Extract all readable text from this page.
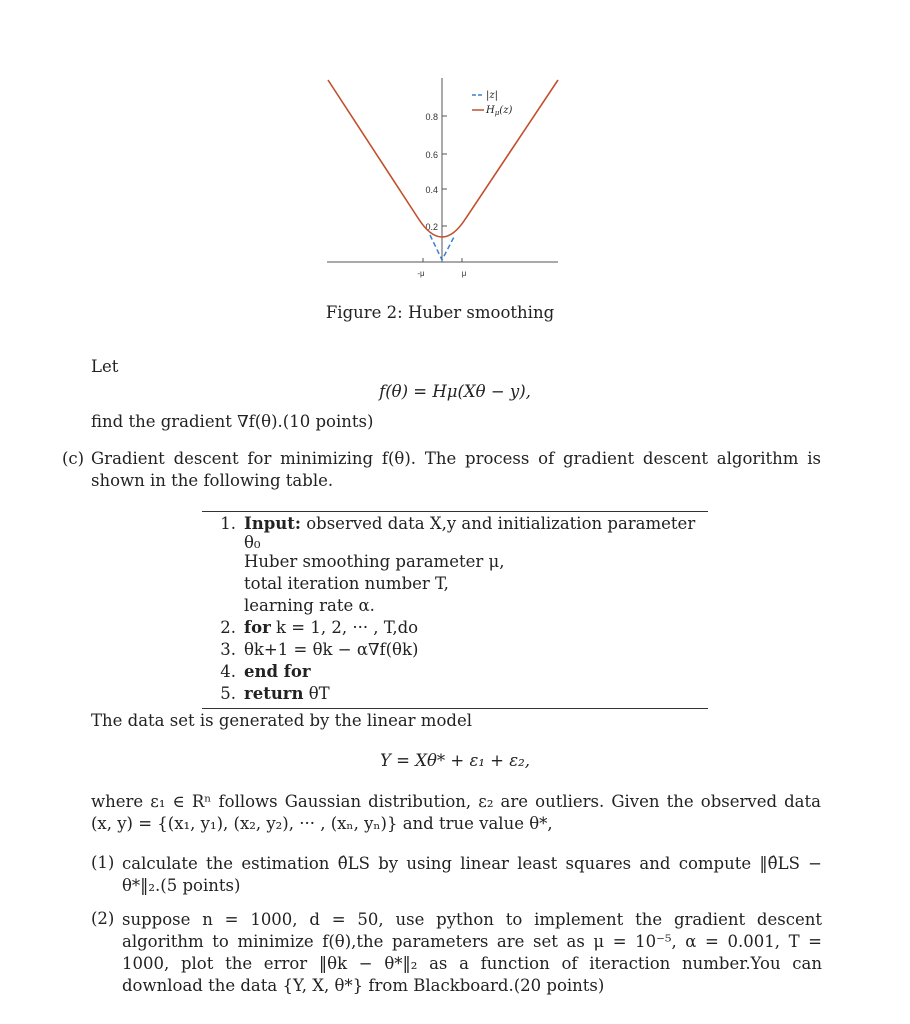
0.8
0.6
0.4
0.2
-μ	μ
|z|
$H_\mu(z)$
Figure 2: Huber smoothing
Let
f(θ) = Hμ(Xθ − y),
find the gradient ∇f(θ).(10 points)
(c) Gradient descent for minimizing f(θ). The process of gradient descent algorithm is shown in the following table.
1.	Input: observed data X,y and initialization parameter θ₀
	Huber smoothing parameter μ,
	total iteration number T,
	learning rate α.
2.	for k = 1, 2, ··· , T,do
3.	θk+1 = θk − α∇f(θk)
4.	end for
5.	return θT
The data set is generated by the linear model
Y = Xθ* + ε₁ + ε₂,
where ε₁ ∈ Rⁿ follows Gaussian distribution, ε₂ are outliers. Given the observed data (x, y) = {(x₁, y₁), (x₂, y₂), ··· , (xₙ, yₙ)} and true value θ*,
(1) calculate the estimation θ̂LS by using linear least squares and compute ‖θ̂LS − θ*‖₂.(5 points)
(2) suppose n = 1000, d = 50, use python to implement the gradient descent algorithm to minimize f(θ),the parameters are set as μ = 10⁻⁵, α = 0.001, T = 1000, plot the error ‖θk − θ*‖₂ as a function of iteraction number.You can download the data {Y, X, θ*} from Blackboard.(20 points)
